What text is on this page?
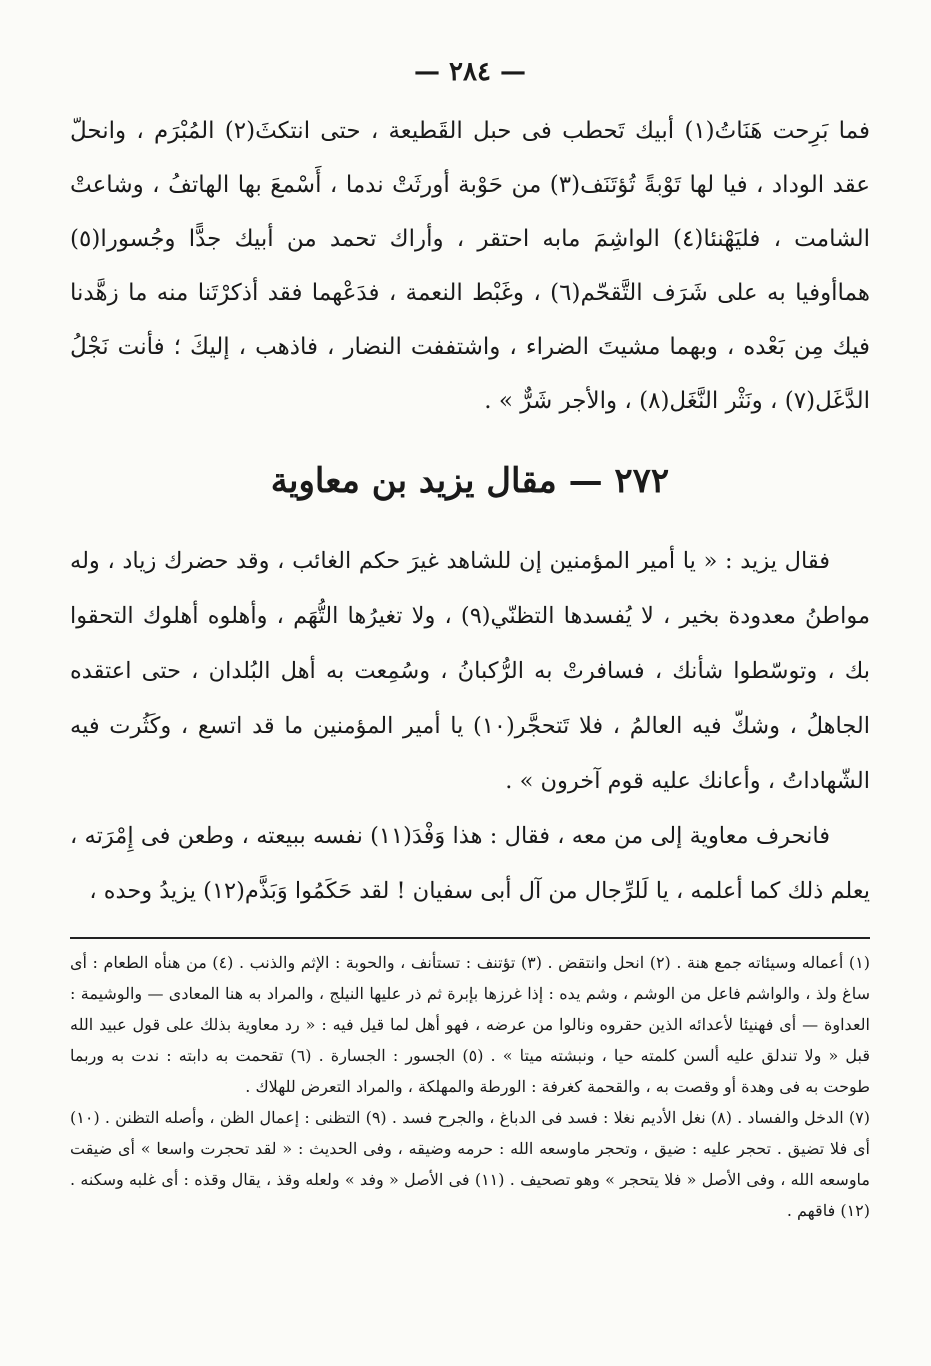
— ٢٨٤ —

فما بَرِحت هَنَاتُ(١) أبيك تَحطب فى حبل القَطيعة ، حتى انتكثَ(٢) المُبْرَم ، وانحلّ عقد الوداد ، فيا لها تَوْبةً تُؤتَنَف(٣) من حَوْبة أورثَتْ ندما ، أَسْمعَ بها الهاتفُ ، وشاعتْ الشامت ، فليَهْنئا(٤) الواشِمَ مابه احتقر ، وأراك تحمد من أبيك جدًّا وجُسورا(٥) هماأوفيا به على شَرَف التَّقحّم(٦) ، وغَبْط النعمة ، فدَعْهما فقد أذكرْتَنا منه ما زهَّدنا فيك مِن بَعْده ، وبهما مشيتَ الضراء ، واشتففت النضار ، فاذهب ، إليكَ ؛ فأنت نَجْلُ الدَّغَل(٧) ، ونَثْر النَّغَل(٨) ، والأجر شَرٌّ » .

٢٧٢ — مقال يزيد بن معاوية

فقال يزيد : « يا أمير المؤمنين إن للشاهد غيرَ حكم الغائب ، وقد حضرك زياد ، وله مواطنُ معدودة بخير ، لا يُفسدها التظنّي(٩) ، ولا تغيرُها التُّهَم ، وأهلوه أهلوك التحقوا بك ، وتوسّطوا شأنك ، فسافرتْ به الرُّكبانُ ، وسُمِعت به أهل البُلدان ، حتى اعتقده الجاهلُ ، وشكّ فيه العالمُ ، فلا تَتحجَّر(١٠) يا أمير المؤمنين ما قد اتسع ، وكَثُرت فيه الشّهاداتُ ، وأعانك عليه قوم آخرون » .

فانحرف معاوية إلى من معه ، فقال : هذا وَفْدَ(١١) نفسه ببيعته ، وطعن فى إِمْرَته ، يعلم ذلك كما أعلمه ، يا لَلرِّجال من آل أبى سفيان ! لقد حَكَمُوا وَبَذَّم(١٢) يزيدُ وحده ،

(١) أعماله وسيئاته جمع هنة . (٢) انحل وانتقض . (٣) تؤتنف : تستأنف ، والحوبة : الإثم والذنب . (٤) من هنأه الطعام : أى ساغ ولذ ، والواشم فاعل من الوشم ، وشم يده : إذا غرزها بإبرة ثم ذر عليها النيلج ، والمراد به هنا المعادى — والوشيمة : العداوة — أى فهنيئا لأعدائه الذين حقروه ونالوا من عرضه ، فهو أهل لما قيل فيه : « رد معاوية بذلك على قول عبيد الله قبل « ولا تندلق عليه ألسن كلمته حيا ، ونبشته ميتا » . (٥) الجسور : الجسارة . (٦) تقحمت به دابته : ندت به وربما طوحت به فى وهدة أو وقصت به ، والقحمة كغرفة : الورطة والمهلكة ، والمراد التعرض للهلاك .

(٧) الدخل والفساد . (٨) نغل الأديم نغلا : فسد فى الدباغ ، والجرح فسد . (٩) التظنى : إعمال الظن ، وأصله التظنن . (١٠) أى فلا تضيق . تحجر عليه : ضيق ، وتحجر ماوسعه الله : حرمه وضيقه ، وفى الحديث : « لقد تحجرت واسعا » أى ضيقت ماوسعه الله ، وفى الأصل « فلا يتحجر » وهو تصحيف . (١١) فى الأصل « وفد » ولعله وقذ ، يقال وقذه : أى غلبه وسكنه . (١٢) فاقهم .
